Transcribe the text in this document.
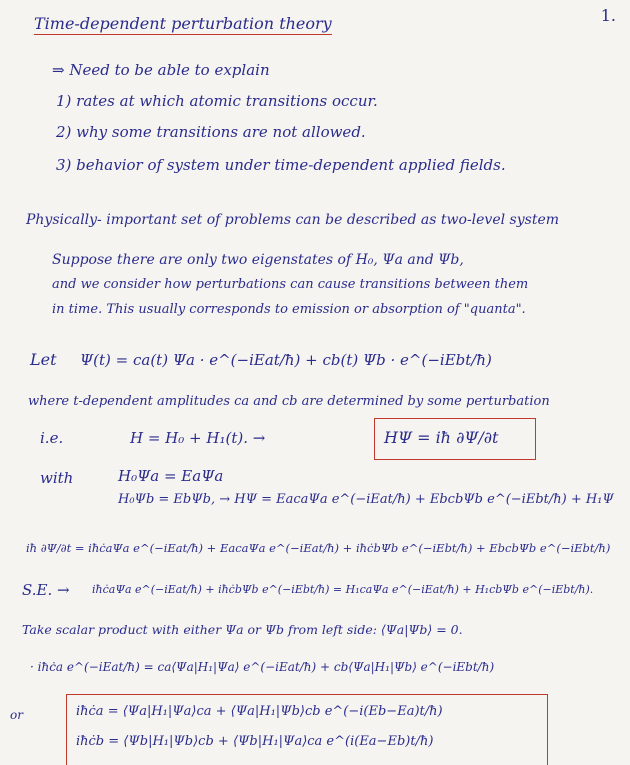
1.
Time-dependent perturbation theory
⇒ Need to be able to explain
1) rates at which atomic transitions occur.
2) why some transitions are not allowed.
3) behavior of system under time-dependent applied fields.
Physically- important set of problems can be described as two-level system
Suppose there are only two eigenstates of H₀, Ψa and Ψb,
and we consider how perturbations can cause transitions between them
in time. This usually corresponds to emission or absorption of "quanta".
Let Ψ(t) = ca(t) Ψa · e^(−iEat/ħ) + cb(t) Ψb · e^(−iEbt/ħ)
where t-dependent amplitudes ca and cb are determined by some perturbation
i.e.	H = H₀ + H₁(t). →	HΨ = iħ ∂Ψ/∂t
with	H₀Ψa = EaΨa
H₀Ψb = EbΨb, → HΨ = EacaΨa e^(−iEat/ħ) + EbcbΨb e^(−iEbt/ħ) + H₁Ψ
iħ ∂Ψ/∂t = iħċaΨa e^(−iEat/ħ) + EacaΨa e^(−iEat/ħ) + iħċbΨb e^(−iEbt/ħ) + EbcbΨb e^(−iEbt/ħ)
S.E. → iħċaΨa e^(−iEat/ħ) + iħċbΨb e^(−iEbt/ħ) = H₁caΨa e^(−iEat/ħ) + H₁cbΨb e^(−iEbt/ħ).
Take scalar product with either Ψa or Ψb from left side: ⟨Ψa|Ψb⟩ = 0.
· iħċa e^(−iEat/ħ) = ca⟨Ψa|H₁|Ψa⟩ e^(−iEat/ħ) + cb⟨Ψa|H₁|Ψb⟩ e^(−iEbt/ħ)
or	iħċa = ⟨Ψa|H₁|Ψa⟩ca + ⟨Ψa|H₁|Ψb⟩cb e^(−i(Eb−Ea)t/ħ)
iħċb = ⟨Ψb|H₁|Ψb⟩cb + ⟨Ψb|H₁|Ψa⟩ca e^(i(Ea−Eb)t/ħ)
